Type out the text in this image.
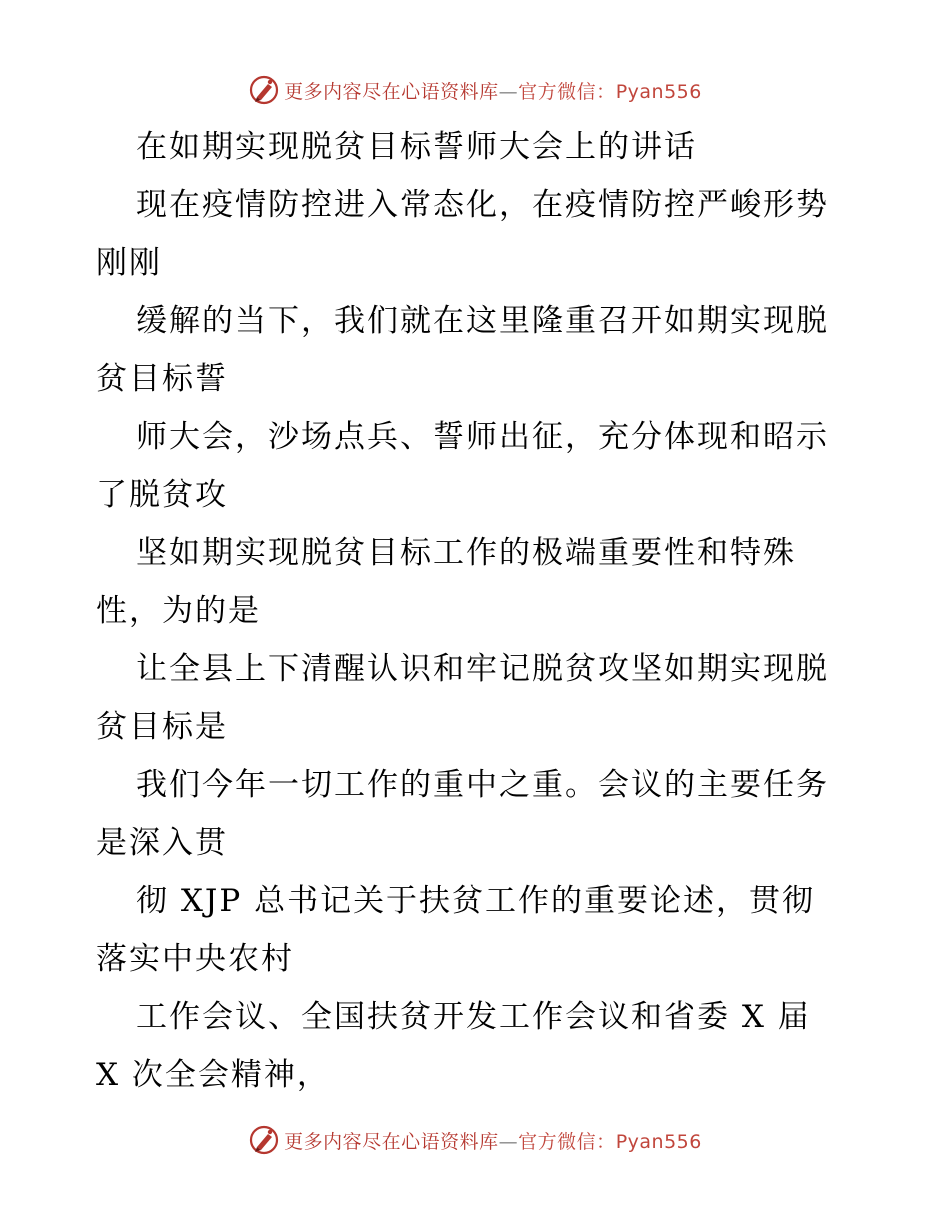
更多内容尽在心语资料库—官方微信：Pyan556
在如期实现脱贫目标誓师大会上的讲话
现在疫情防控进入常态化，在疫情防控严峻形势
刚刚
缓解的当下，我们就在这里隆重召开如期实现脱
贫目标誓
师大会，沙场点兵、誓师出征，充分体现和昭示
了脱贫攻
坚如期实现脱贫目标工作的极端重要性和特殊
性，为的是
让全县上下清醒认识和牢记脱贫攻坚如期实现脱
贫目标是
我们今年一切工作的重中之重。会议的主要任务
是深入贯
彻 XJP 总书记关于扶贫工作的重要论述，贯彻
落实中央农村
工作会议、全国扶贫开发工作会议和省委 X 届
X 次全会精神，
更多内容尽在心语资料库—官方微信：Pyan556
